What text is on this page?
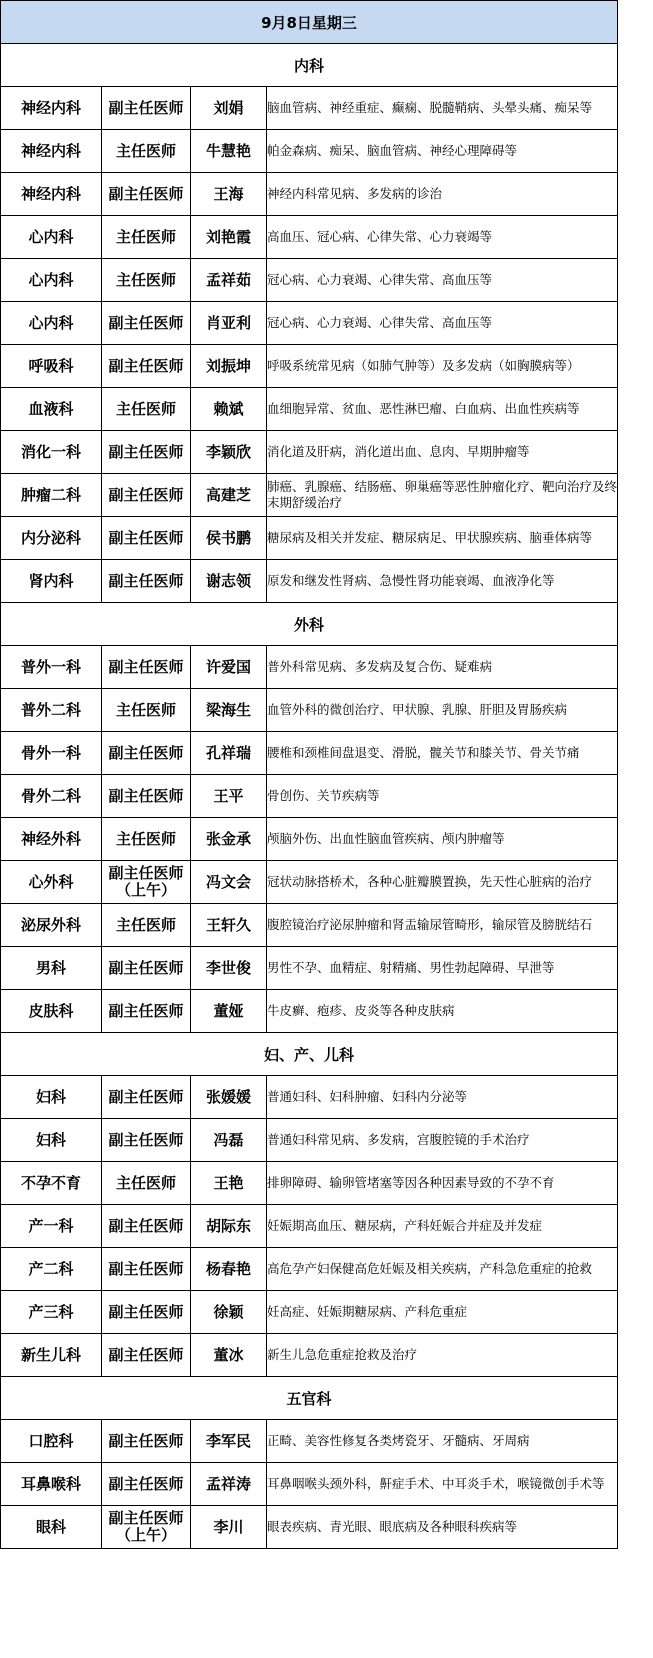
9月8日星期三			
内科			
神经内科	副主任医师	刘娟	脑血管病、神经重症、癫痫、脱髓鞘病、头晕头痛、痴呆等
神经内科	主任医师	牛慧艳	帕金森病、痴呆、脑血管病、神经心理障碍等
神经内科	副主任医师	王海	神经内科常见病、多发病的诊治
心内科	主任医师	刘艳霞	高血压、冠心病、心律失常、心力衰竭等
心内科	主任医师	孟祥茹	冠心病、心力衰竭、心律失常、高血压等
心内科	副主任医师	肖亚利	冠心病、心力衰竭、心律失常、高血压等
呼吸科	副主任医师	刘振坤	呼吸系统常见病（如肺气肿等）及多发病（如胸膜病等）
血液科	主任医师	赖斌	血细胞异常、贫血、恶性淋巴瘤、白血病、出血性疾病等
消化一科	副主任医师	李颖欣	消化道及肝病，消化道出血、息肉、早期肿瘤等
肿瘤二科	副主任医师	高建芝	肺癌、乳腺癌、结肠癌、卵巢癌等恶性肿瘤化疗、靶向治疗及终末期舒缓治疗
内分泌科	副主任医师	侯书鹏	糖尿病及相关并发症、糖尿病足、甲状腺疾病、脑垂体病等
肾内科	副主任医师	谢志领	原发和继发性肾病、急慢性肾功能衰竭、血液净化等
外科			
普外一科	副主任医师	许爱国	普外科常见病、多发病及复合伤、疑难病
普外二科	主任医师	梁海生	血管外科的微创治疗、甲状腺、乳腺、肝胆及胃肠疾病
骨外一科	副主任医师	孔祥瑞	腰椎和颈椎间盘退变、滑脱，髋关节和膝关节、骨关节痛
骨外二科	副主任医师	王平	骨创伤、关节疾病等
神经外科	主任医师	张金承	颅脑外伤、出血性脑血管疾病、颅内肿瘤等
心外科	副主任医师（上午）	冯文会	冠状动脉搭桥术，各种心脏瓣膜置换，先天性心脏病的治疗
泌尿外科	主任医师	王轩久	腹腔镜治疗泌尿肿瘤和肾盂输尿管畸形，输尿管及膀胱结石
男科	副主任医师	李世俊	男性不孕、血精症、射精痛、男性勃起障碍、早泄等
皮肤科	副主任医师	董娅	牛皮癣、疱疹、皮炎等各种皮肤病
妇、产、儿科			
妇科	副主任医师	张媛媛	普通妇科、妇科肿瘤、妇科内分泌等
妇科	副主任医师	冯磊	普通妇科常见病、多发病，宫腹腔镜的手术治疗
不孕不育	主任医师	王艳	排卵障碍、输卵管堵塞等因各种因素导致的不孕不育
产一科	副主任医师	胡际东	妊娠期高血压、糖尿病，产科妊娠合并症及并发症
产二科	副主任医师	杨春艳	高危孕产妇保健高危妊娠及相关疾病，产科急危重症的抢救
产三科	副主任医师	徐颖	妊高症、妊娠期糖尿病、产科危重症
新生儿科	副主任医师	董冰	新生儿急危重症抢救及治疗
五官科			
口腔科	副主任医师	李军民	正畸、美容性修复各类烤瓷牙、牙髓病、牙周病
耳鼻喉科	副主任医师	孟祥涛	耳鼻咽喉头颈外科，鼾症手术、中耳炎手术，喉镜微创手术等
眼科	副主任医师（上午）	李川	眼表疾病、青光眼、眼底病及各种眼科疾病等
